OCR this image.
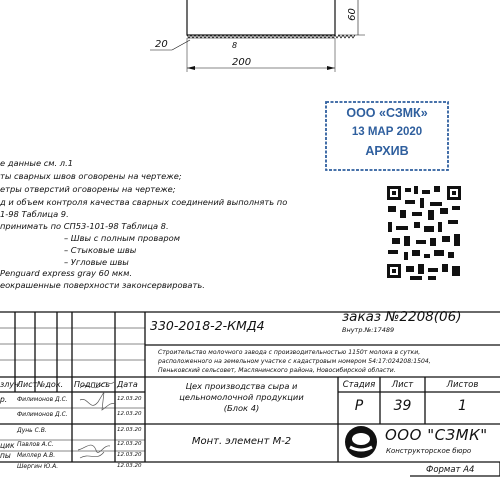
60
20	8
200
ООО «СЗМК»
13 МАР 2020
АРХИВ
е данные см. л.1
ты сварных швов оговорены на чертеже;
етры отверстий оговорены на чертеже;
д и объем контроля качества сварных соединений выполнять по
1-98 Таблица 9.
принимать по СП53-101-98 Таблица 8.
– Швы с полным проваром
– Стыковые швы
– Угловые швы
Penguard express gray 60 мкм.
еокрашенные поверхности законсервировать.
330-2018-2-КМД4
заказ №2208(06)
Внутр.№:17489
Строительство молочного завода с производительностью 1150т молока в сутки,
расположенного на земельном участке с кадастровым номером 54:17:024208:1504,
Пеньковский сельсовет, Маслянинского района, Новосибирской области.
злуч.
Лист №док. Подпись Дата
р. Филимонов Д.С.	12.03.20
Филимонов Д.С.	12.03.20
Дунь С.В.	12.03.20
цик Павлов А.С.	12.03.20
пы Миллер А.В.	12.03.20
Шергин Ю.А.	12.03.20
Цех производства сыра и
цельномолочной продукции
(Блок 4)
Стадия	Лист	Листов
Р	39	1
Монт. элемент М-2	ООО "СЗМК"
Конструкторское бюро
Формат А4
